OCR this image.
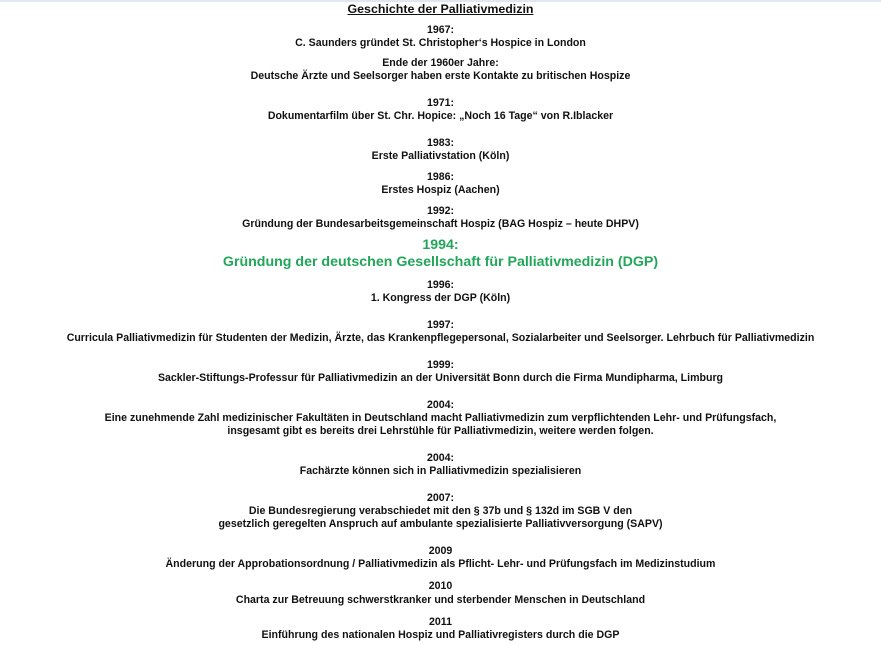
Geschichte der Palliativmedizin
1967:
C. Saunders gründet St. Christopher‘s Hospice in London
Ende der 1960er Jahre:
Deutsche Ärzte und Seelsorger haben erste Kontakte zu britischen Hospize
1971:
Dokumentarfilm über St. Chr. Hopice: „Noch 16 Tage“ von R.Iblacker
1983:
Erste Palliativstation (Köln)
1986:
Erstes Hospiz (Aachen)
1992:
Gründung der Bundesarbeitsgemeinschaft Hospiz (BAG Hospiz – heute DHPV)
1994:
Gründung der deutschen Gesellschaft für Palliativmedizin (DGP)
1996:
1. Kongress der DGP (Köln)
1997:
Curricula Palliativmedizin für Studenten der Medizin, Ärzte, das Krankenpflegepersonal, Sozialarbeiter und Seelsorger. Lehrbuch für Palliativmedizin
1999:
Sackler-Stiftungs-Professur für Palliativmedizin an der Universität Bonn durch die Firma Mundipharma, Limburg
2004:
Eine zunehmende Zahl medizinischer Fakultäten in Deutschland macht Palliativmedizin zum verpflichtenden Lehr- und Prüfungsfach,
insgesamt gibt es bereits drei Lehrstühle für Palliativmedizin, weitere werden folgen.
2004:
Fachärzte können sich in Palliativmedizin spezialisieren
2007:
Die Bundesregierung verabschiedet mit den § 37b und § 132d im SGB V den
gesetzlich geregelten Anspruch auf ambulante spezialisierte Palliativversorgung (SAPV)
2009
Änderung der Approbationsordnung / Palliativmedizin als Pflicht- Lehr- und Prüfungsfach im Medizinstudium
2010
Charta zur Betreuung schwerstkranker und sterbender Menschen in Deutschland
2011
Einführung des nationalen Hospiz und Palliativregisters durch die DGP
